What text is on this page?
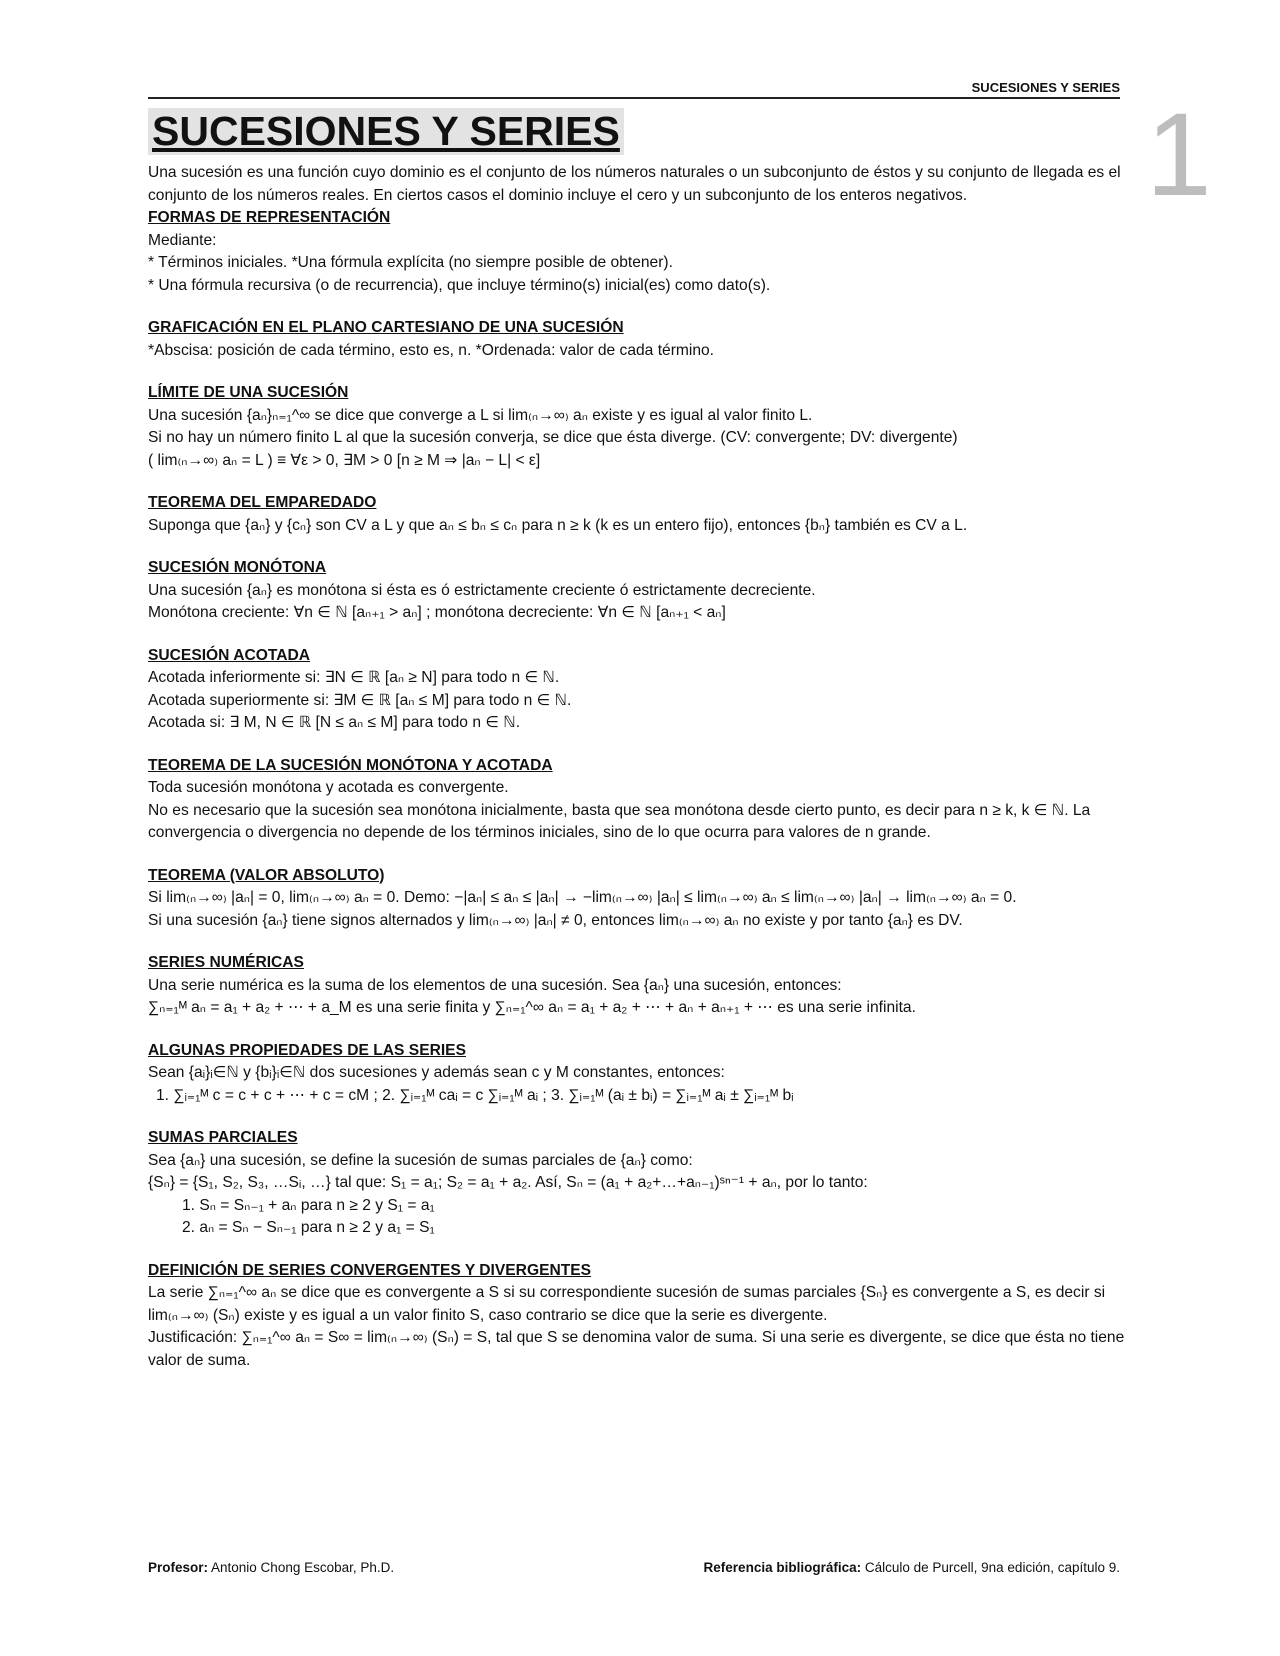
SUCESIONES Y SERIES
SUCESIONES Y SERIES

Una sucesión es una función cuyo dominio es el conjunto de los números naturales o un subconjunto de éstos y su conjunto de llegada es el conjunto de los números reales. En ciertos casos el dominio incluye el cero y un subconjunto de los enteros negativos.

FORMAS DE REPRESENTACIÓN

Mediante:

* Términos iniciales. *Una fórmula explícita (no siempre posible de obtener).

* Una fórmula recursiva (o de recurrencia), que incluye término(s) inicial(es) como dato(s).

GRAFICACIÓN EN EL PLANO CARTESIANO DE UNA SUCESIÓN

*Abscisa: posición de cada término, esto es, n. *Ordenada: valor de cada término.

LÍMITE DE UNA SUCESIÓN

Una sucesión {aₙ}ₙ₌₁^∞ se dice que converge a L si lim₍ₙ→∞₎ aₙ existe y es igual al valor finito L.

Si no hay un número finito L al que la sucesión converja, se dice que ésta diverge. (CV: convergente; DV: divergente)

( lim₍ₙ→∞₎ aₙ = L ) ≡ ∀ε > 0, ∃M > 0 [n ≥ M ⇒ |aₙ − L| < ε]

TEOREMA DEL EMPAREDADO

Suponga que {aₙ} y {cₙ} son CV a L y que aₙ ≤ bₙ ≤ cₙ para n ≥ k (k es un entero fijo), entonces {bₙ} también es CV a L.

SUCESIÓN MONÓTONA

Una sucesión {aₙ} es monótona si ésta es ó estrictamente creciente ó estrictamente decreciente.

Monótona creciente: ∀n ∈ ℕ [aₙ₊₁ > aₙ] ; monótona decreciente: ∀n ∈ ℕ [aₙ₊₁ < aₙ]

SUCESIÓN ACOTADA

Acotada inferiormente si: ∃N ∈ ℝ [aₙ ≥ N] para todo n ∈ ℕ.

Acotada superiormente si: ∃M ∈ ℝ [aₙ ≤ M] para todo n ∈ ℕ.

Acotada si: ∃ M, N ∈ ℝ [N ≤ aₙ ≤ M] para todo n ∈ ℕ.

TEOREMA DE LA SUCESIÓN MONÓTONA Y ACOTADA

Toda sucesión monótona y acotada es convergente.

No es necesario que la sucesión sea monótona inicialmente, basta que sea monótona desde cierto punto, es decir para n ≥ k, k ∈ ℕ. La convergencia o divergencia no depende de los términos iniciales, sino de lo que ocurra para valores de n grande.

TEOREMA (VALOR ABSOLUTO)

Si lim₍ₙ→∞₎ |aₙ| = 0, lim₍ₙ→∞₎ aₙ = 0. Demo: −|aₙ| ≤ aₙ ≤ |aₙ| → −lim₍ₙ→∞₎ |aₙ| ≤ lim₍ₙ→∞₎ aₙ ≤ lim₍ₙ→∞₎ |aₙ| → lim₍ₙ→∞₎ aₙ = 0.

Si una sucesión {aₙ} tiene signos alternados y lim₍ₙ→∞₎ |aₙ| ≠ 0, entonces lim₍ₙ→∞₎ aₙ no existe y por tanto {aₙ} es DV.

SERIES NUMÉRICAS

Una serie numérica es la suma de los elementos de una sucesión. Sea {aₙ} una sucesión, entonces:

∑ₙ₌₁ᴹ aₙ = a₁ + a₂ + ⋯ + a_M es una serie finita y ∑ₙ₌₁^∞ aₙ = a₁ + a₂ + ⋯ + aₙ + aₙ₊₁ + ⋯ es una serie infinita.

ALGUNAS PROPIEDADES DE LAS SERIES

Sean {aᵢ}ᵢ∈ℕ y {bᵢ}ᵢ∈ℕ dos sucesiones y además sean c y M constantes, entonces:

1. ∑ᵢ₌₁ᴹ c = c + c + ⋯ + c = cM ; 2. ∑ᵢ₌₁ᴹ caᵢ = c ∑ᵢ₌₁ᴹ aᵢ ; 3. ∑ᵢ₌₁ᴹ (aᵢ ± bᵢ) = ∑ᵢ₌₁ᴹ aᵢ ± ∑ᵢ₌₁ᴹ bᵢ

SUMAS PARCIALES

Sea {aₙ} una sucesión, se define la sucesión de sumas parciales de {aₙ} como:

{Sₙ} = {S₁, S₂, S₃, …Sᵢ, …} tal que: S₁ = a₁; S₂ = a₁ + a₂. Así, Sₙ = (a₁ + a₂+…+aₙ₋₁)ˢⁿ⁻¹ + aₙ, por lo tanto:

1. Sₙ = Sₙ₋₁ + aₙ para n ≥ 2 y S₁ = a₁

2. aₙ = Sₙ − Sₙ₋₁ para n ≥ 2 y a₁ = S₁

DEFINICIÓN DE SERIES CONVERGENTES Y DIVERGENTES

La serie ∑ₙ₌₁^∞ aₙ se dice que es convergente a S si su correspondiente sucesión de sumas parciales {Sₙ} es convergente a S, es decir si lim₍ₙ→∞₎ (Sₙ) existe y es igual a un valor finito S, caso contrario se dice que la serie es divergente.

Justificación: ∑ₙ₌₁^∞ aₙ = S∞ = lim₍ₙ→∞₎ (Sₙ) = S, tal que S se denomina valor de suma. Si una serie es divergente, se dice que ésta no tiene valor de suma.

1
Profesor: Antonio Chong Escobar, Ph.D.	Referencia bibliográfica: Cálculo de Purcell, 9na edición, capítulo 9.
